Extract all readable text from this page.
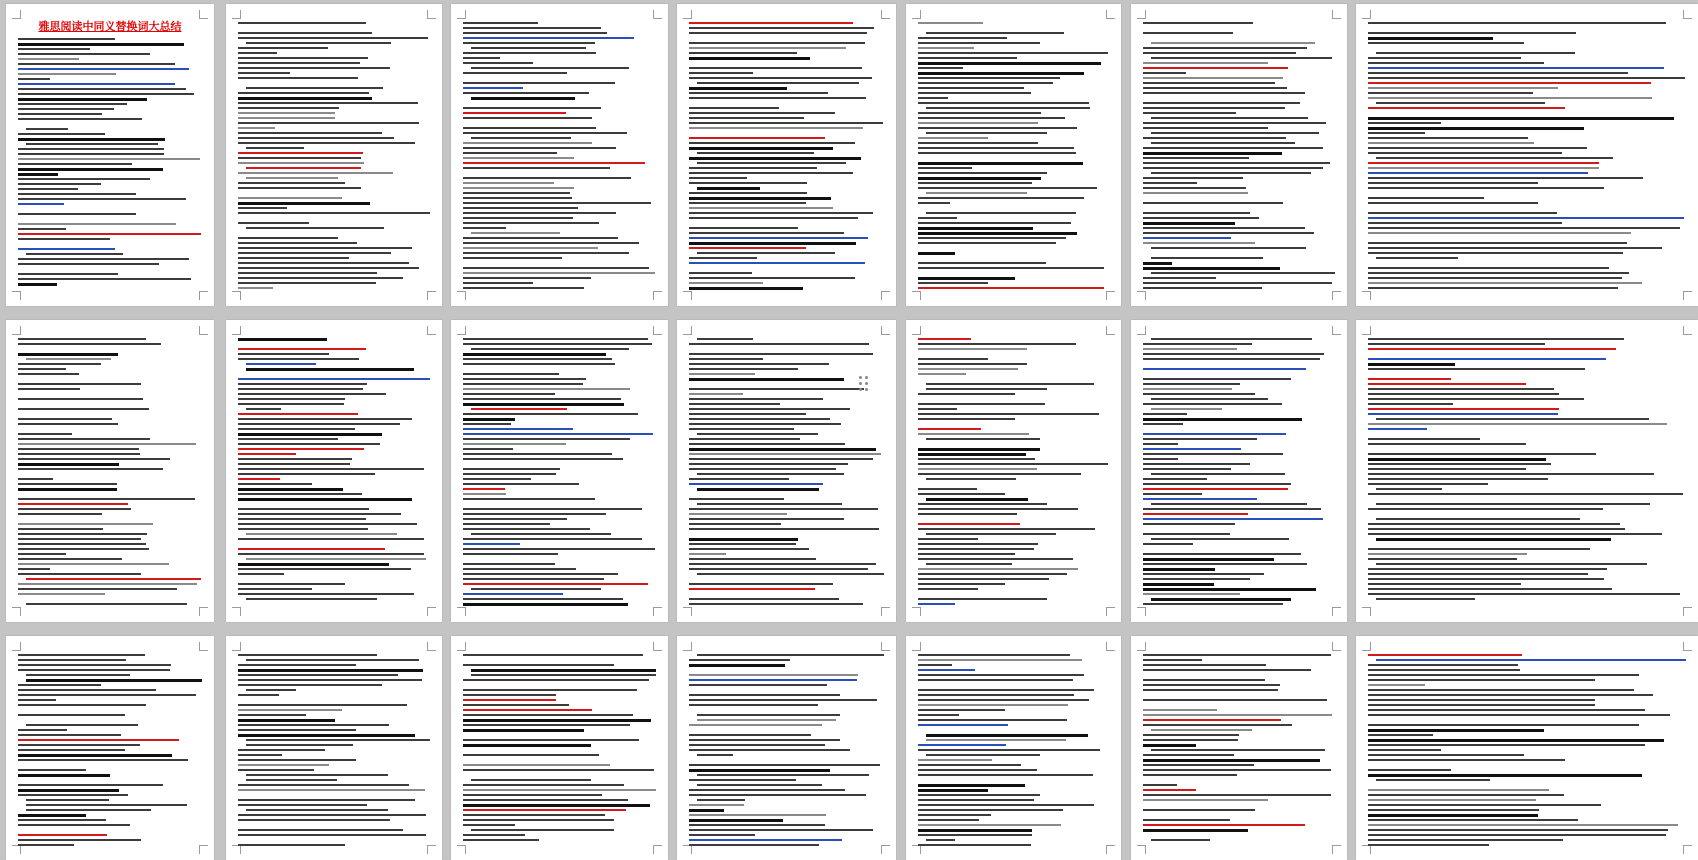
雅思阅读中同义替换词大总结
